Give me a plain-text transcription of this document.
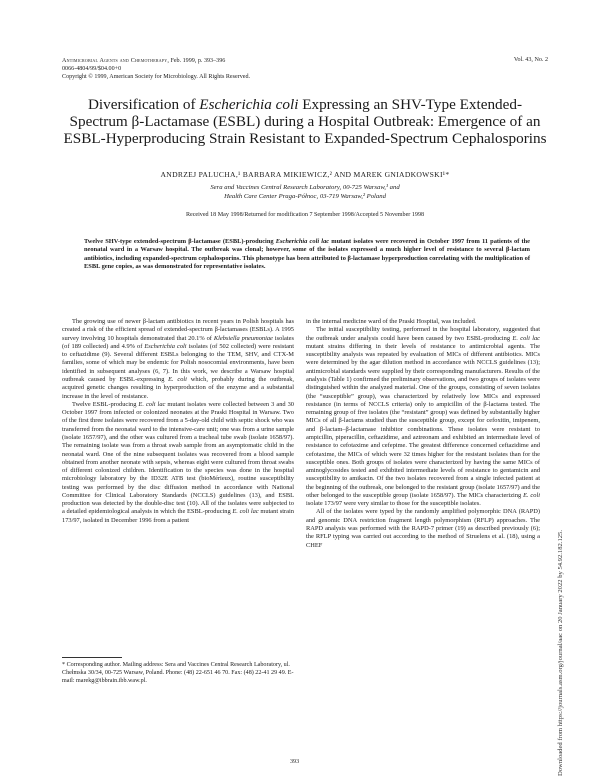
Antimicrobial Agents and Chemotherapy, Feb. 1999, p. 393–396
0066-4804/99/$04.00+0
Copyright © 1999, American Society for Microbiology. All Rights Reserved.
Vol. 43, No. 2
Diversification of Escherichia coli Expressing an SHV-Type Extended-Spectrum β-Lactamase (ESBL) during a Hospital Outbreak: Emergence of an ESBL-Hyperproducing Strain Resistant to Expanded-Spectrum Cephalosporins
ANDRZEJ PALUCHA,¹ BARBARA MIKIEWICZ,² AND MAREK GNIADKOWSKI¹*
Sera and Vaccines Central Research Laboratory, 00-725 Warsaw,¹ and
Health Care Center Praga-Północ, 03-719 Warsaw,² Poland
Received 18 May 1998/Returned for modification 7 September 1998/Accepted 5 November 1998
Twelve SHV-type extended-spectrum β-lactamase (ESBL)-producing Escherichia coli lac mutant isolates were recovered in October 1997 from 11 patients of the neonatal ward in a Warsaw hospital. The outbreak was clonal; however, some of the isolates expressed a much higher level of resistance to several β-lactam antibiotics, including expanded-spectrum cephalosporins. This phenotype has been attributed to β-lactamase hyperproduction correlating with the multiplication of ESBL gene copies, as was demonstrated for representative isolates.

The growing use of newer β-lactam antibiotics in recent years in Polish hospitals has created a risk of the efficient spread of extended-spectrum β-lactamases (ESBLs). A 1995 survey involving 10 hospitals demonstrated that 20.1% of Klebsiella pneumoniae isolates (of 189 collected) and 4.9% of Escherichia coli isolates (of 502 collected) were resistant to ceftazidime (9). Several different ESBLs belonging to the TEM, SHV, and CTX-M families, some of which may be endemic for Polish nosocomial environments, have been identified in subsequent analyses (6, 7). In this work, we describe a Warsaw hospital outbreak caused by ESBL-expressing E. coli which, probably during the outbreak, acquired genetic changes resulting in hyperproduction of the enzyme and a substantial increase in the level of resistance.

Twelve ESBL-producing E. coli lac mutant isolates were collected between 3 and 30 October 1997 from infected or colonized neonates at the Praski Hospital in Warsaw. Two of the first three isolates were recovered from a 5-day-old child with septic shock who was transferred from the neonatal ward to the intensive-care unit; one was from a urine sample (isolate 1657/97), and the other was cultured from a tracheal tube swab (isolate 1658/97). The remaining isolate was from a throat swab sample from an asymptomatic child in the neonatal ward. One of the nine subsequent isolates was recovered from a blood sample obtained from another neonate with sepsis, whereas eight were cultured from throat swabs of different colonized children. Identification to the species was done in the hospital microbiology laboratory by the ID32E ATB test (bioMérieux), routine susceptibility testing was performed by the disc diffusion method in accordance with National Committee for Clinical Laboratory Standards (NCCLS) guidelines (13), and ESBL production was detected by the double-disc test (10). All of the isolates were subjected to a detailed epidemiological analysis in which the ESBL-producing E. coli lac mutant strain 173/97, isolated in December 1996 from a patient

in the internal medicine ward of the Praski Hospital, was included.

The initial susceptibility testing, performed in the hospital laboratory, suggested that the outbreak under analysis could have been caused by two ESBL-producing E. coli lac mutant strains differing in their levels of resistance to antimicrobial agents. The susceptibility analysis was repeated by evaluation of MICs of different antibiotics. MICs were determined by the agar dilution method in accordance with NCCLS guidelines (13); antimicrobial standards were supplied by their corresponding manufacturers. Results of the analysis (Table 1) confirmed the preliminary observations, and two groups of isolates were distinguished within the analyzed material. One of the groups, consisting of seven isolates (the “susceptible” group), was characterized by relatively low MICs and expressed resistance (in terms of NCCLS criteria) only to ampicillin of the β-lactams tested. The remaining group of five isolates (the “resistant” group) was defined by substantially higher MICs of all β-lactams studied than the susceptible group, except for cefoxitin, imipenem, and β-lactam–β-lactamase inhibitor combinations. These isolates were resistant to ampicillin, piperacillin, ceftazidime, and aztreonam and exhibited an intermediate level of resistance to cefotaxime and cefepime. The greatest difference concerned ceftazidime and cefotaxime, the MICs of which were 32 times higher for the resistant isolates than for the susceptible ones. Both groups of isolates were characterized by having the same MICs of aminoglycosides tested and exhibited intermediate levels of resistance to gentamicin and susceptibility to amikacin. Of the two isolates recovered from a single infected patient at the beginning of the outbreak, one belonged to the resistant group (isolate 1657/97) and the other belonged to the susceptible group (isolate 1658/97). The MICs characterizing E. coli isolate 173/97 were very similar to those for the susceptible isolates.

All of the isolates were typed by the randomly amplified polymorphic DNA (RAPD) and genomic DNA restriction fragment length polymorphism (RFLP) approaches. The RAPD analysis was performed with the RAPD-7 primer (19) as described previously (6); the RFLP typing was carried out according to the method of Struelens et al. (18), using a CHEF

* Corresponding author. Mailing address: Sera and Vaccines Central Research Laboratory, ul. Chełmska 30/34, 00-725 Warsaw, Poland. Phone: (48) 22-651 46 70. Fax: (48) 22-41 29 49. E-mail: marekg@ibbrain.ibb.waw.pl.
393	Downloaded from https://journals.asm.org/journal/aac on 20 January 2022 by 54.92.182.125.
